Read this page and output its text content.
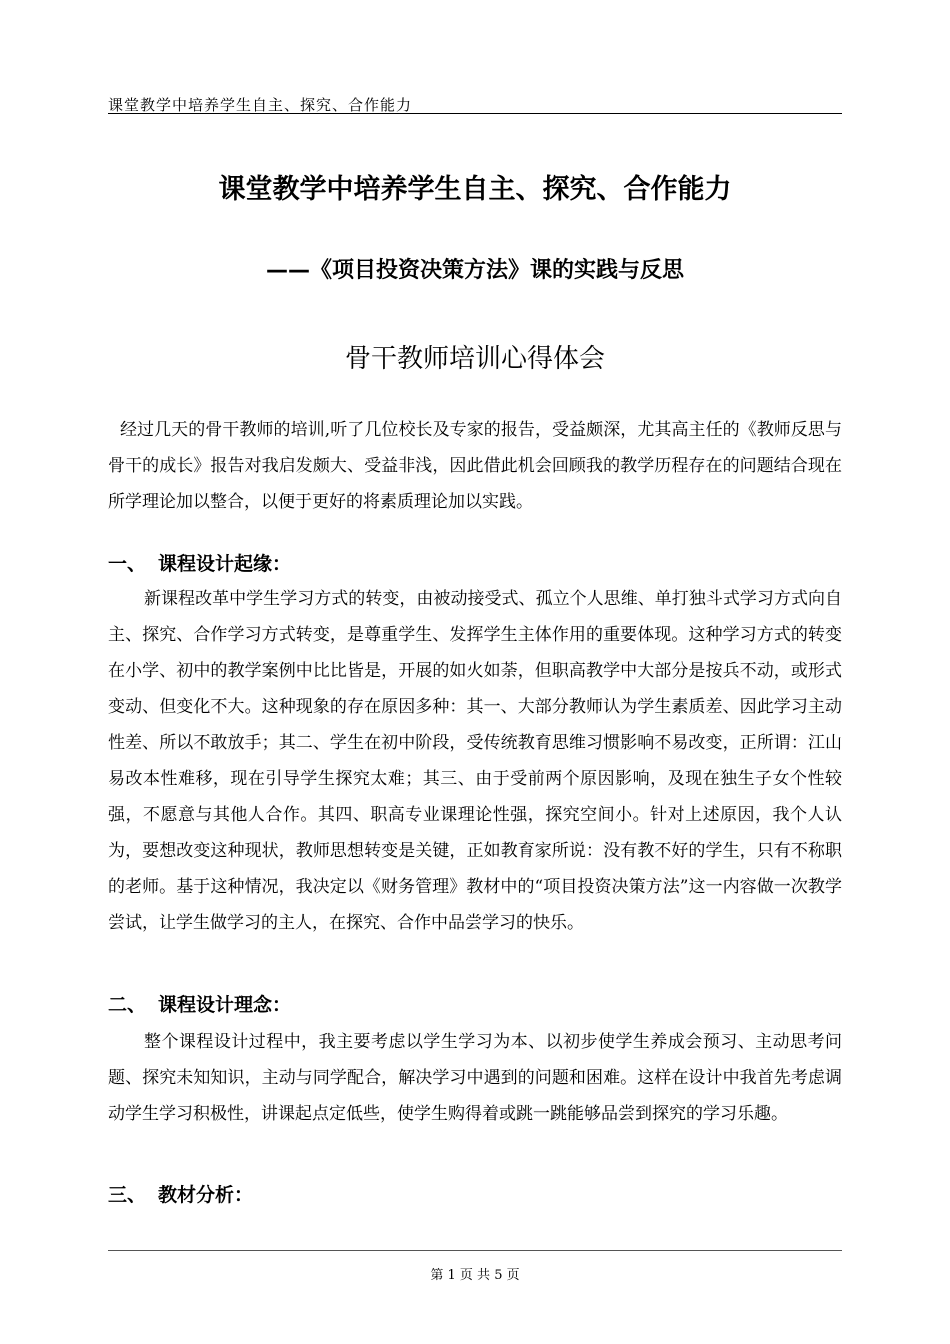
课堂教学中培养学生自主、探究、合作能力
课堂教学中培养学生自主、探究、合作能力
——《项目投资决策方法》课的实践与反思
骨干教师培训心得体会

经过几天的骨干教师的培训,听了几位校长及专家的报告，受益颇深，尤其高主任的《教师反思与骨干的成长》报告对我启发颇大、受益非浅，因此借此机会回顾我的教学历程存在的问题结合现在所学理论加以整合，以便于更好的将素质理论加以实践。

一、 课程设计起缘：

新课程改革中学生学习方式的转变，由被动接受式、孤立个人思维、单打独斗式学习方式向自主、探究、合作学习方式转变，是尊重学生、发挥学生主体作用的重要体现。这种学习方式的转变在小学、初中的教学案例中比比皆是，开展的如火如荼，但职高教学中大部分是按兵不动，或形式变动、但变化不大。这种现象的存在原因多种：其一、大部分教师认为学生素质差、因此学习主动性差、所以不敢放手；其二、学生在初中阶段，受传统教育思维习惯影响不易改变，正所谓：江山易改本性难移，现在引导学生探究太难；其三、由于受前两个原因影响，及现在独生子女个性较强，不愿意与其他人合作。其四、职高专业课理论性强，探究空间小。针对上述原因，我个人认为，要想改变这种现状，教师思想转变是关键，正如教育家所说：没有教不好的学生，只有不称职的老师。基于这种情况，我决定以《财务管理》教材中的“项目投资决策方法”这一内容做一次教学尝试，让学生做学习的主人，在探究、合作中品尝学习的快乐。

二、 课程设计理念：

整个课程设计过程中，我主要考虑以学生学习为本、以初步使学生养成会预习、主动思考问题、探究未知知识，主动与同学配合，解决学习中遇到的问题和困难。这样在设计中我首先考虑调动学生学习积极性，讲课起点定低些，使学生购得着或跳一跳能够品尝到探究的学习乐趣。

三、 教材分析：
第 1 页 共 5 页
